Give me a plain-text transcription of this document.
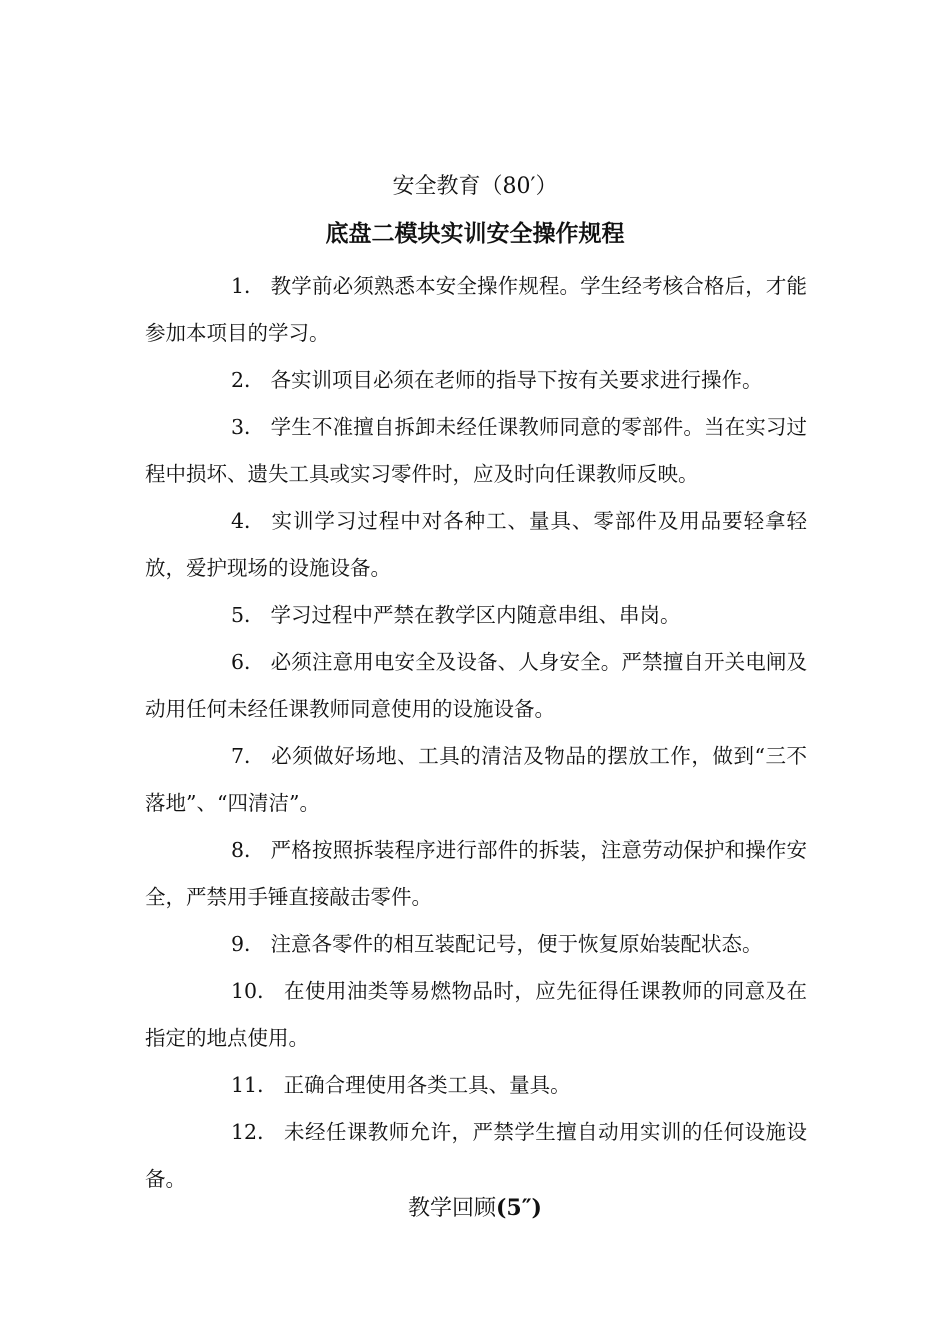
安全教育（80′）
底盘二模块实训安全操作规程

1． 教学前必须熟悉本安全操作规程。学生经考核合格后，才能参加本项目的学习。

2． 各实训项目必须在老师的指导下按有关要求进行操作。

3． 学生不准擅自拆卸未经任课教师同意的零部件。当在实习过程中损坏、遗失工具或实习零件时，应及时向任课教师反映。

4． 实训学习过程中对各种工、量具、零部件及用品要轻拿轻放，爱护现场的设施设备。

5． 学习过程中严禁在教学区内随意串组、串岗。

6． 必须注意用电安全及设备、人身安全。严禁擅自开关电闸及动用任何未经任课教师同意使用的设施设备。

7． 必须做好场地、工具的清洁及物品的摆放工作，做到“三不落地”、“四清洁”。

8． 严格按照拆装程序进行部件的拆装，注意劳动保护和操作安全，严禁用手锤直接敲击零件。

9． 注意各零件的相互装配记号，便于恢复原始装配状态。

10． 在使用油类等易燃物品时，应先征得任课教师的同意及在指定的地点使用。

11． 正确合理使用各类工具、量具。

12． 未经任课教师允许，严禁学生擅自动用实训的任何设施设备。

教学回顾(5″)
